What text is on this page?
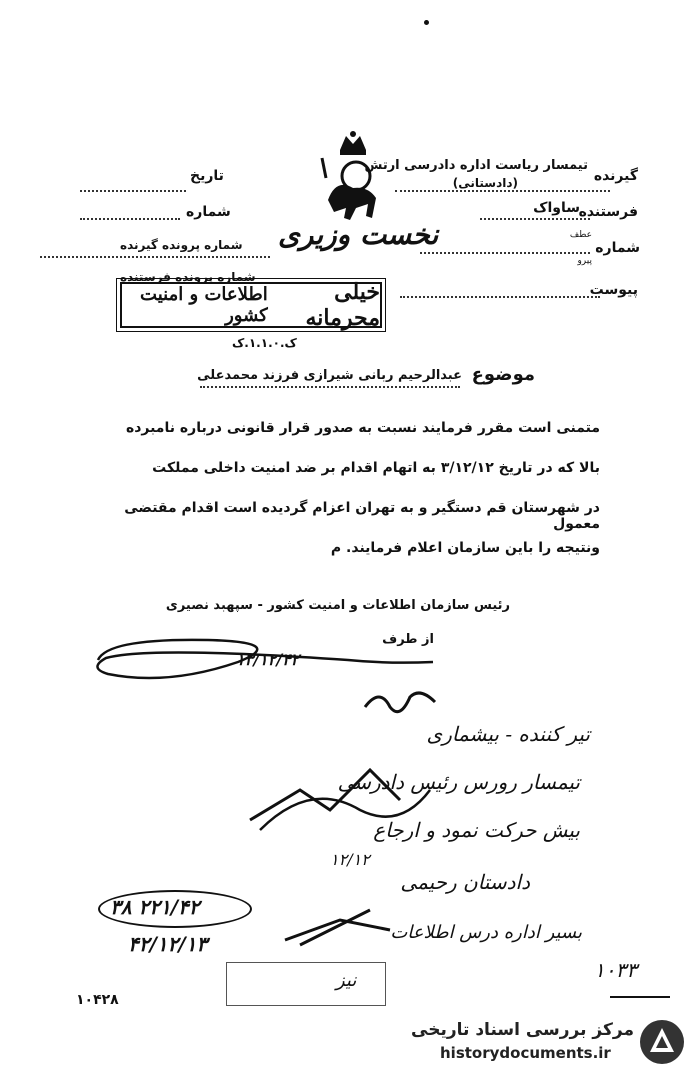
گیرنده
تیمسار ریاست اداره دادرسی ارتش
(دادستانی)
فرستنده
ساواک
عطف
شماره
پیرو
پیوست
تاریخ
شماره
شماره پرونده گیرنده
شماره پرونده فرستنده
نخست وزیری
خیلی محرمانه
اطلاعات و امنیت کشور
ک.۱.۱.۰.ک
موضوع
عبدالرحیم ربانی شیرازی فرزند محمدعلی
متمنی است مقرر فرمایند نسبت به صدور قرار قانونی درباره نامبرده
بالا که در تاریخ ۳/۱۲/۱۲ به اتهام اقدام بر ضد امنیت داخلی مملکت
در شهرستان قم دستگیر و به تهران اعزام گردیده است اقدام مقتضی معمول
ونتیجه را باین سازمان اعلام فرمایند. م
رئیس سازمان اطلاعات و امنیت کشور - سپهبد نصیری
از طرف
۱۳/۱۲/۴۲
تیر کننده - بیشماری
تیمسار رورس رئیس دادرسی
بیش حرکت نمود و ارجاع
۱۲/۱۲
دادستان رحیمی
بسیر اداره درس اطلاعات
۲۲۱/۴۲ ۳۸
۴۲/۱۲/۱۳
نیز	۱۰۳۳
۱۰۴۲۸
مرکز بررسی اسناد تاریخی
historydocuments.ir
